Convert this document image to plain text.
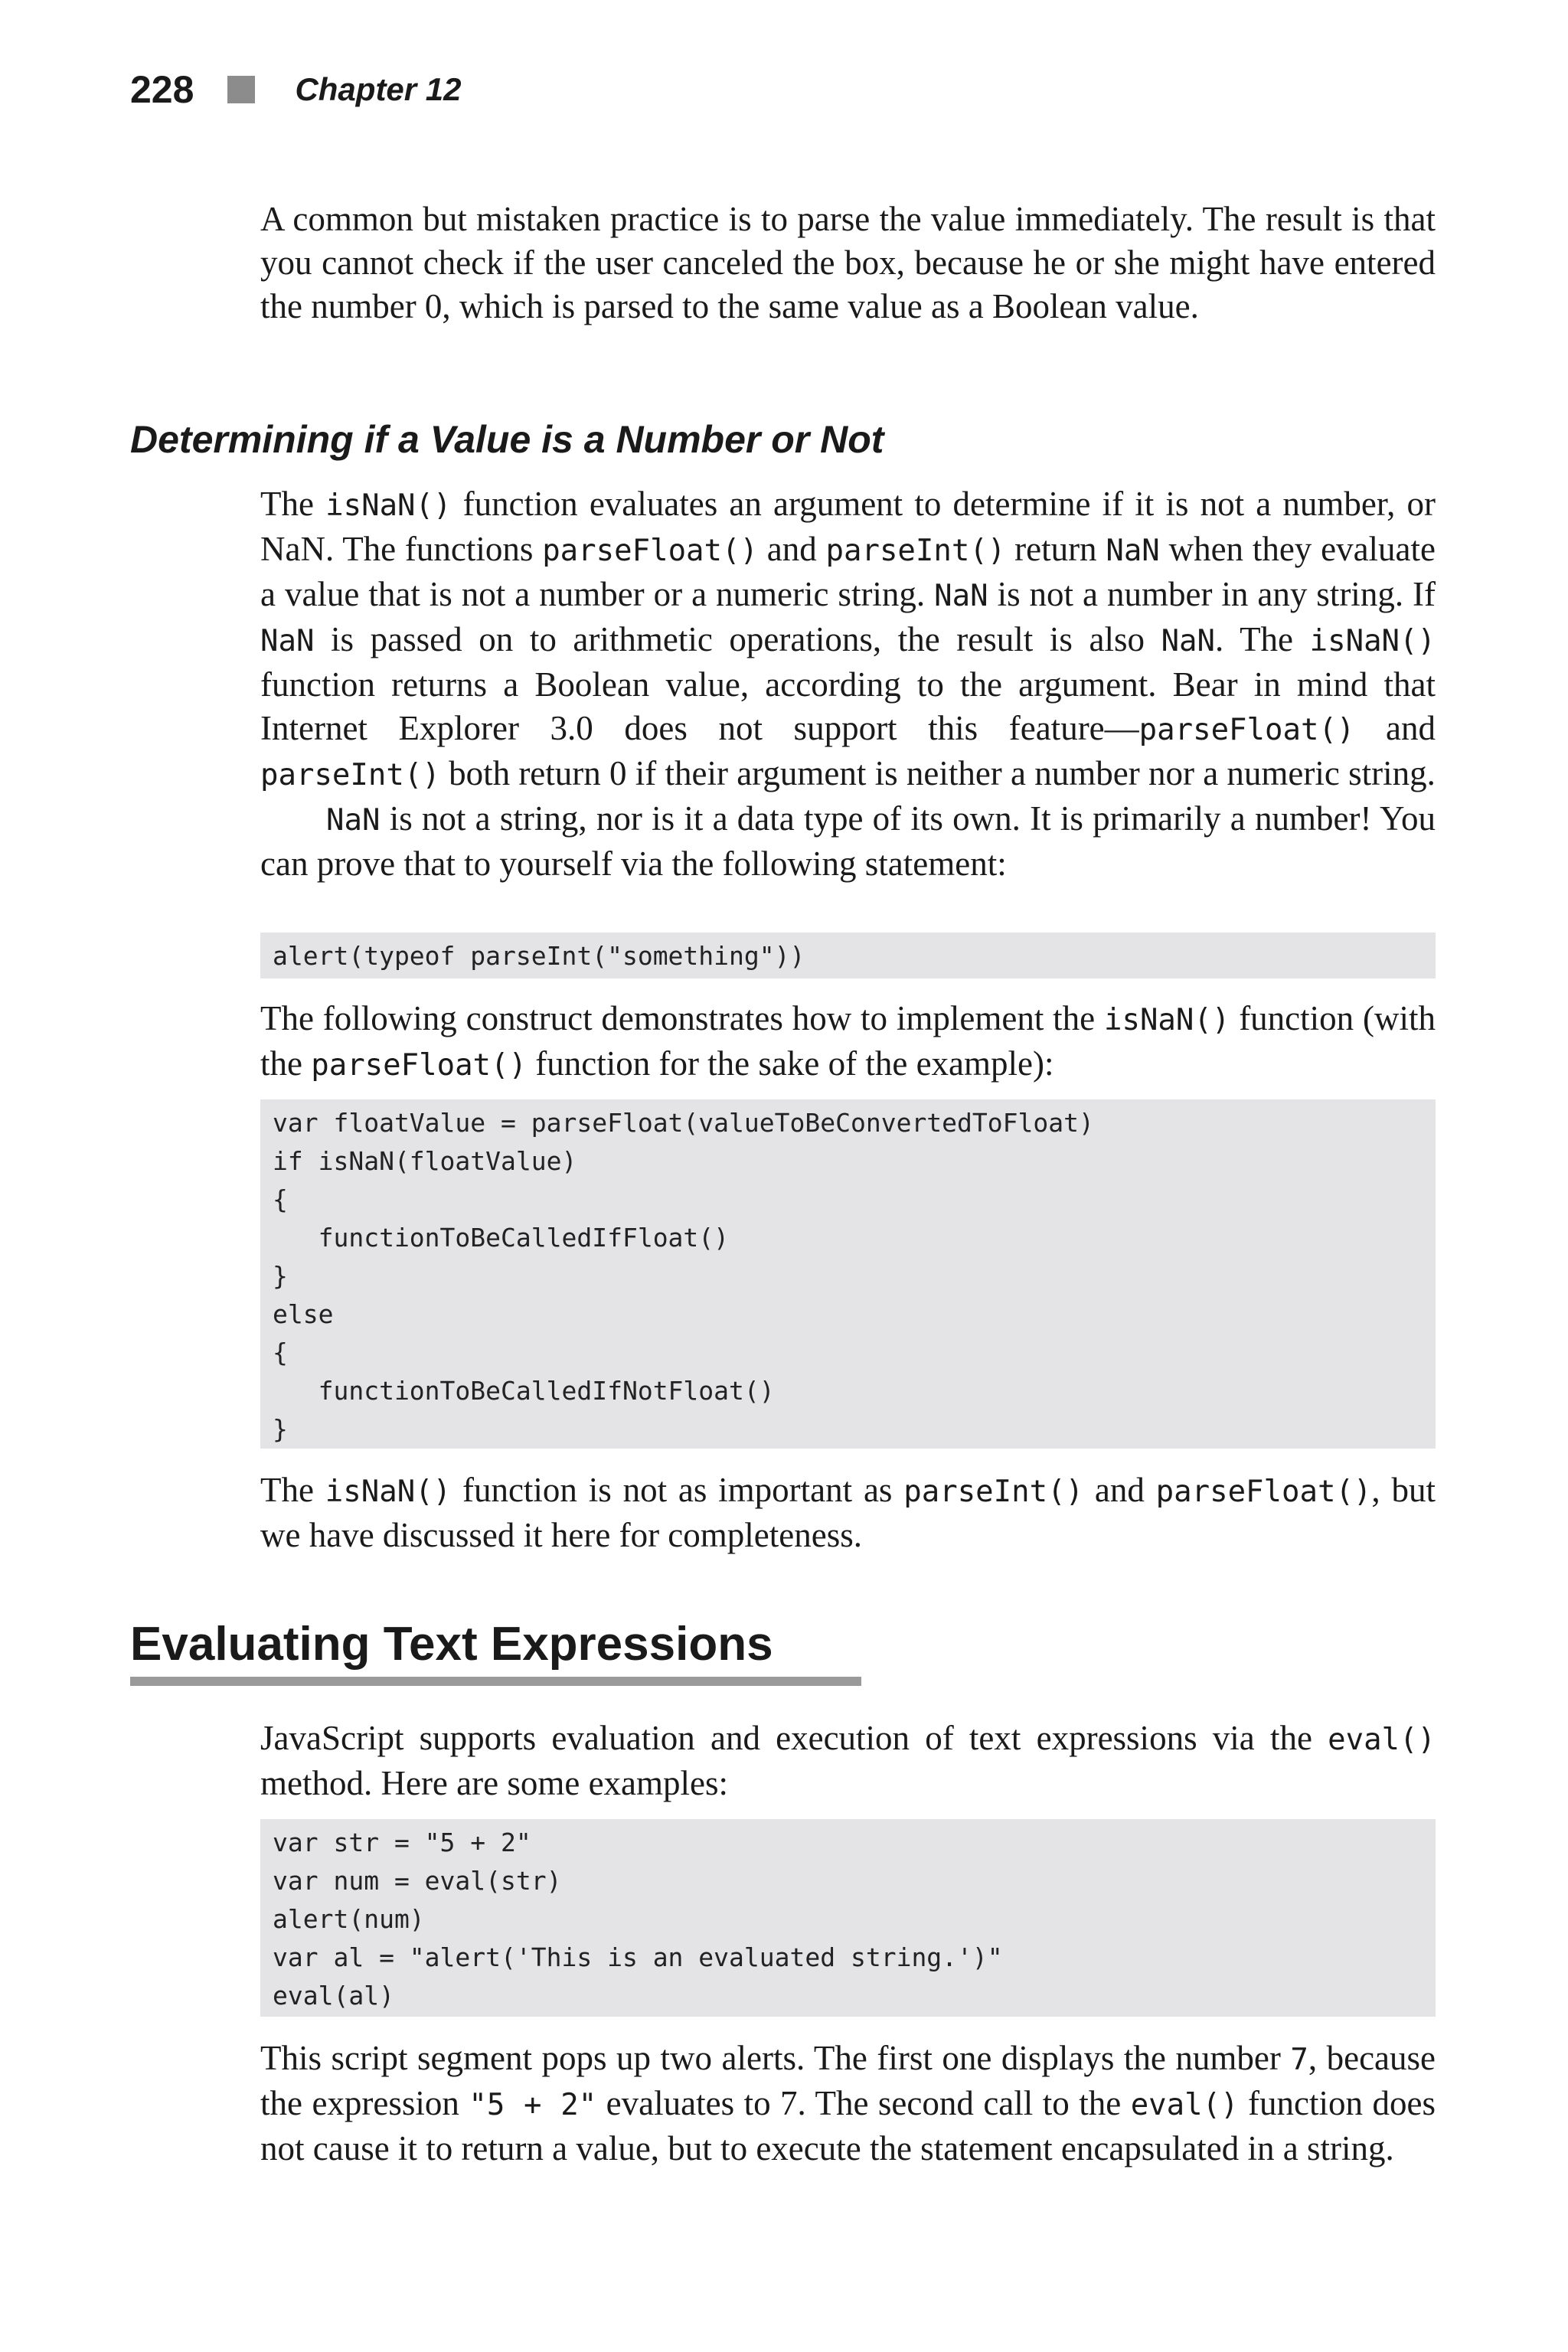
228	Chapter 12

A common but mistaken practice is to parse the value immediately. The result is that you cannot check if the user canceled the box, because he or she might have entered the number 0, which is parsed to the same value as a Boolean value.

Determining if a Value is a Number or Not

The isNaN() function evaluates an argument to determine if it is not a number, or NaN. The functions parseFloat() and parseInt() return NaN when they evaluate a value that is not a number or a numeric string. NaN is not a number in any string. If NaN is passed on to arithmetic operations, the result is also NaN. The isNaN() function returns a Boolean value, according to the argument. Bear in mind that Internet Explorer 3.0 does not support this feature—parseFloat() and parseInt() both return 0 if their argument is neither a number nor a numeric string.

NaN is not a string, nor is it a data type of its own. It is primarily a number! You can prove that to yourself via the following statement:

alert(typeof parseInt("something"))

The following construct demonstrates how to implement the isNaN() function (with the parseFloat() function for the sake of the example):

var floatValue = parseFloat(valueToBeConvertedToFloat)
if isNaN(floatValue)
{
functionToBeCalledIfFloat()
}
else
{
functionToBeCalledIfNotFloat()
}

The isNaN() function is not as important as parseInt() and parseFloat(), but we have discussed it here for completeness.

Evaluating Text Expressions

JavaScript supports evaluation and execution of text expressions via the eval() method. Here are some examples:

var str = "5 + 2"
var num = eval(str)
alert(num)
var al = "alert('This is an evaluated string.')"
eval(al)

This script segment pops up two alerts. The first one displays the number 7, because the expression "5 + 2" evaluates to 7. The second call to the eval() function does not cause it to return a value, but to execute the statement encapsulated in a string.
